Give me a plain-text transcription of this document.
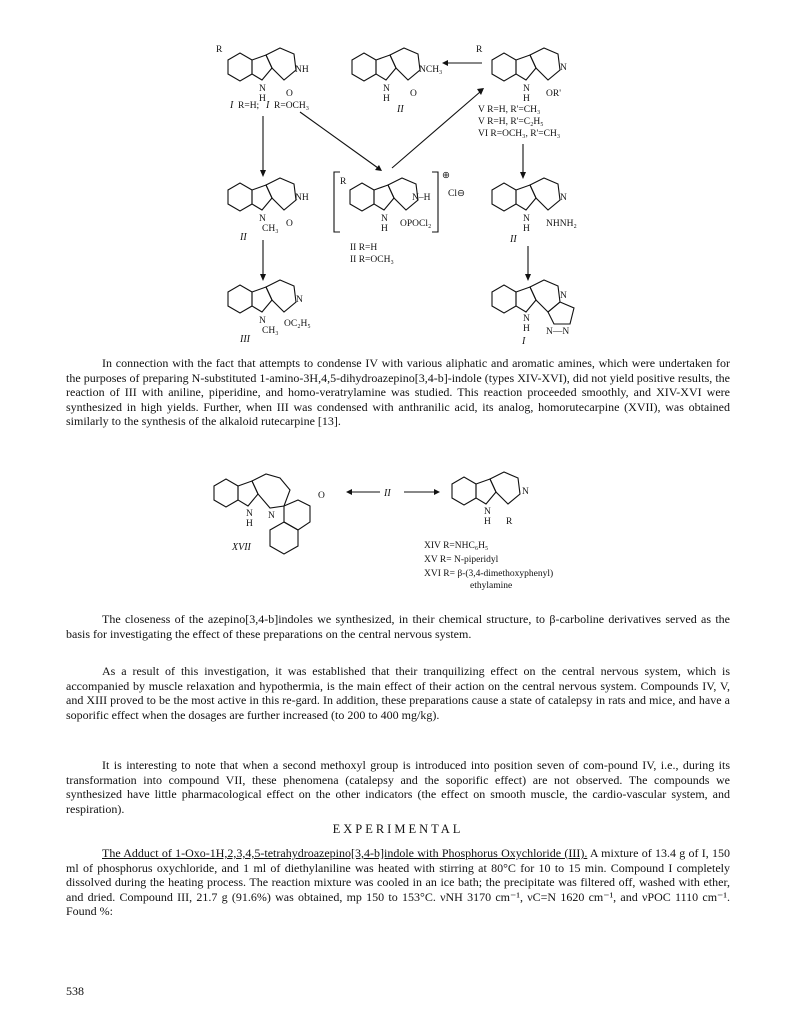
R
NH
N
H O
I R=H; I R=OCH₃
NCH₃
N
H O
II
R
N
N
H OR'
V R=H, R'=CH₃
V R=H, R'=C₂H₅
VI R=OCH₃, R'=CH₃
NH
N
CH₃ O
II
R
N–H
N
H OPOCl₂
⊕
Cl⊖
II R=H
II R=OCH₃
N
N
H NHNH₂
II
N
N
CH₃
OC₂H₅
III
N
N
H N—N
I
In connection with the fact that attempts to condense IV with various aliphatic and aromatic amines, which were undertaken for the purposes of preparing N-substituted 1-amino-3H,4,5-dihydroazepino[3,4-b]-indole (types XIV-XVI), did not yield positive results, the reaction of III with aniline, piperidine, and homo-veratrylamine was studied. This reaction proceeded smoothly, and XIV-XVI were synthesized in high yields. Further, when III was condensed with anthranilic acid, its analog, homorutecarpine (XVII), was obtained similarly to the synthesis of the alkaloid rutecarpine [13].
O
N
H
N
XVII
II	N
N
H R
XIV R=NHC₆H₅
XV R= N-piperidyl
XVI R= β-(3,4-dimethoxyphenyl)
ethylamine
The closeness of the azepino[3,4-b]indoles we synthesized, in their chemical structure, to β-carboline derivatives served as the basis for investigating the effect of these preparations on the central nervous system.
As a result of this investigation, it was established that their tranquilizing effect on the central nervous system, which is accompanied by muscle relaxation and hypothermia, is the main effect of their action on the central nervous system. Compounds IV, V, and XIII proved to be the most active in this re-gard. In addition, these preparations cause a state of catalepsy in rats and mice, and have a soporific effect when the dosages are further increased (to 200 to 400 mg/kg).
It is interesting to note that when a second methoxyl group is introduced into position seven of com-pound IV, i.e., during its transformation into compound VII, these phenomena (catalepsy and the soporific effect) are not observed. The compounds we synthesized have little pharmacological effect on the other indicators (the effect on smooth muscle, the cardio-vascular system, and respiration).
EXPERIMENTAL
The Adduct of 1-Oxo-1H,2,3,4,5-tetrahydroazepino[3,4-b]indole with Phosphorus Oxychloride (III). A mixture of 13.4 g of I, 150 ml of phosphorus oxychloride, and 1 ml of diethylaniline was heated with stirring at 80°C for 10 to 15 min. Compound I completely dissolved during the heating process. The reaction mixture was cooled in an ice bath; the precipitate was filtered off, washed with ether, and dried. Compound III, 21.7 g (91.6%) was obtained, mp 150 to 153°C. νNH 3170 cm⁻¹, νC=N 1620 cm⁻¹, and νPOC 1110 cm⁻¹. Found %:
538
